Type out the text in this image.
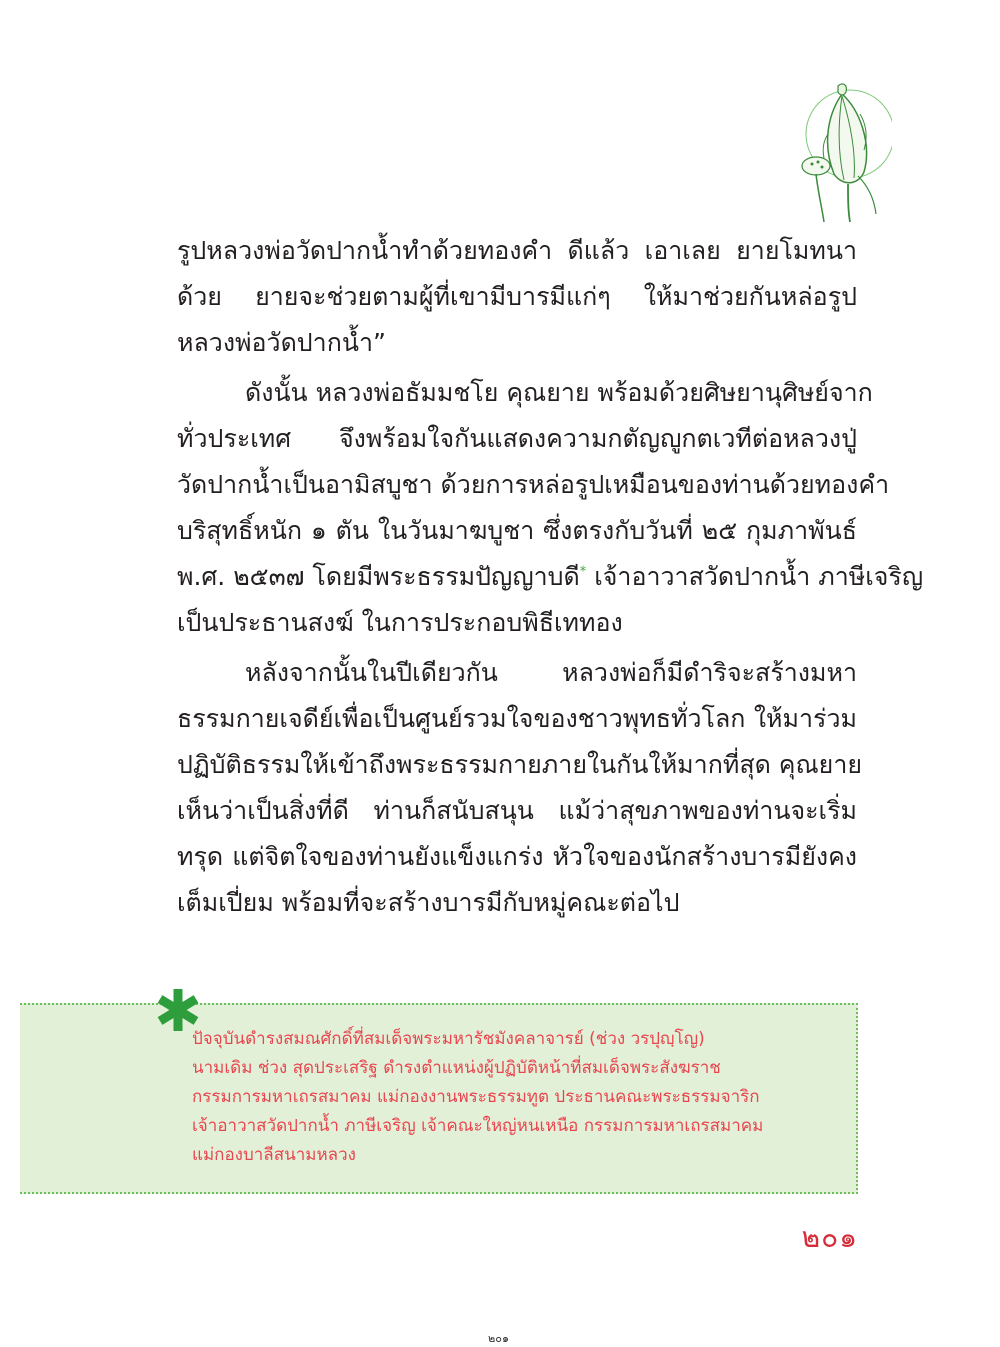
รูปหลวงพ่อวัดปากน้ำทำด้วยทองคำ ดีแล้ว เอาเลย ยายโมทนา
ด้วย ยายจะช่วยตามผู้ที่เขามีบารมีแก่ๆ ให้มาช่วยกันหล่อรูป
หลวงพ่อวัดปากน้ำ”
ดังนั้น หลวงพ่อธัมมชโย คุณยาย พร้อมด้วยศิษยานุศิษย์จาก
ทั่วประเทศ จึงพร้อมใจกันแสดงความกตัญญูกตเวทีต่อหลวงปู่
วัดปากน้ำเป็นอามิสบูชา ด้วยการหล่อรูปเหมือนของท่านด้วยทองคำ
บริสุทธิ์หนัก ๑ ตัน ในวันมาฆบูชา ซึ่งตรงกับวันที่ ๒๕ กุมภาพันธ์
พ.ศ. ๒๕๓๗ โดยมีพระธรรมปัญญาบดี* เจ้าอาวาสวัดปากน้ำ ภาษีเจริญ
เป็นประธานสงฆ์ ในการประกอบพิธีเททอง
หลังจากนั้นในปีเดียวกัน หลวงพ่อก็มีดำริจะสร้างมหา
ธรรมกายเจดีย์เพื่อเป็นศูนย์รวมใจของชาวพุทธทั่วโลก ให้มาร่วม
ปฏิบัติธรรมให้เข้าถึงพระธรรมกายภายในกันให้มากที่สุด คุณยาย
เห็นว่าเป็นสิ่งที่ดี ท่านก็สนับสนุน แม้ว่าสุขภาพของท่านจะเริ่ม
ทรุด แต่จิตใจของท่านยังแข็งแกร่ง หัวใจของนักสร้างบารมียังคง
เต็มเปี่ยม พร้อมที่จะสร้างบารมีกับหมู่คณะต่อไป
ปัจจุบันดำรงสมณศักดิ์ที่สมเด็จพระมหารัชมังคลาจารย์ (ช่วง วรปุญฺโญ)
นามเดิม ช่วง สุดประเสริฐ ดำรงตำแหน่งผู้ปฏิบัติหน้าที่สมเด็จพระสังฆราช
กรรมการมหาเถรสมาคม แม่กองงานพระธรรมทูต ประธานคณะพระธรรมจาริก
เจ้าอาวาสวัดปากน้ำ ภาษีเจริญ เจ้าคณะใหญ่หนเหนือ กรรมการมหาเถรสมาคม
แม่กองบาลีสนามหลวง
๒๐๑
๒๐๑
